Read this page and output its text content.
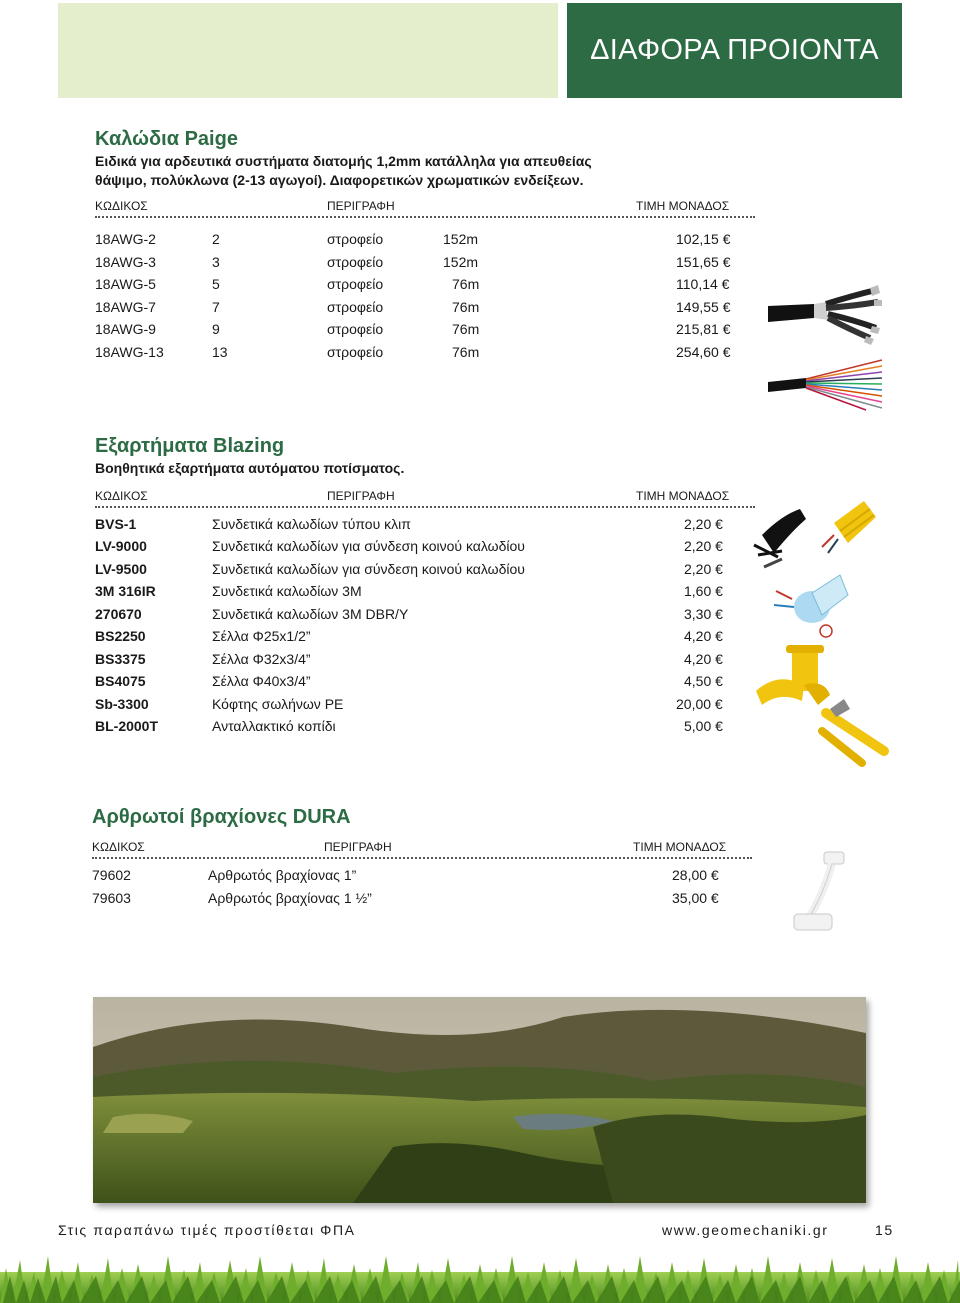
ΔΙΑΦΟΡΑ ΠΡΟΙΟΝΤΑ
Καλώδια Paige
Ειδικά για αρδευτικά συστήματα διατομής 1,2mm κατάλληλα για απευθείας
θάψιμο, πολύκλωνα (2-13 αγωγοί). Διαφορετικών χρωματικών ενδείξεων.
ΚΩΔΙΚΟΣ	ΠΕΡΙΓΡΑΦΗ	ΤΙΜΗ ΜΟΝΑΔΟΣ
18AWG-2	2	στροφείο	152m	102,15 €
18AWG-3	3	στροφείο	152m	151,65 €
18AWG-5	5	στροφείο	76m	110,14 €
18AWG-7	7	στροφείο	76m	149,55 €
18AWG-9	9	στροφείο	76m	215,81 €
18AWG-13	13	στροφείο	76m	254,60 €
Εξαρτήματα Blazing
Βοηθητικά εξαρτήματα αυτόματου ποτίσματος.
ΚΩΔΙΚΟΣ	ΠΕΡΙΓΡΑΦΗ	ΤΙΜΗ ΜΟΝΑΔΟΣ
BVS-1	Συνδετικά καλωδίων τύπου κλιπ	2,20 €
LV-9000	Συνδετικά καλωδίων για σύνδεση κοινού καλωδίου	2,20 €
LV-9500	Συνδετικά καλωδίων για σύνδεση κοινού καλωδίου	2,20 €
3M 316IR	Συνδετικά καλωδίων 3M	1,60 €
270670	Συνδετικά καλωδίων 3M DBR/Y	3,30 €
BS2250	Σέλλα Φ25x1/2”	4,20 €
BS3375	Σέλλα Φ32x3/4”	4,20 €
BS4075	Σέλλα Φ40x3/4”	4,50 €
Sb-3300	Κόφτης σωλήνων PE	20,00 €
BL-2000T	Ανταλλακτικό κοπίδι	5,00 €
Αρθρωτοί βραχίονες DURA
ΚΩΔΙΚΟΣ	ΠΕΡΙΓΡΑΦΗ	ΤΙΜΗ ΜΟΝΑΔΟΣ
79602	Αρθρωτός βραχίονας 1”	28,00 €
79603	Αρθρωτός βραχίονας 1 ½”	35,00 €
Στις παραπάνω τιμές προστίθεται ΦΠΑ	www.geomechaniki.gr	15
